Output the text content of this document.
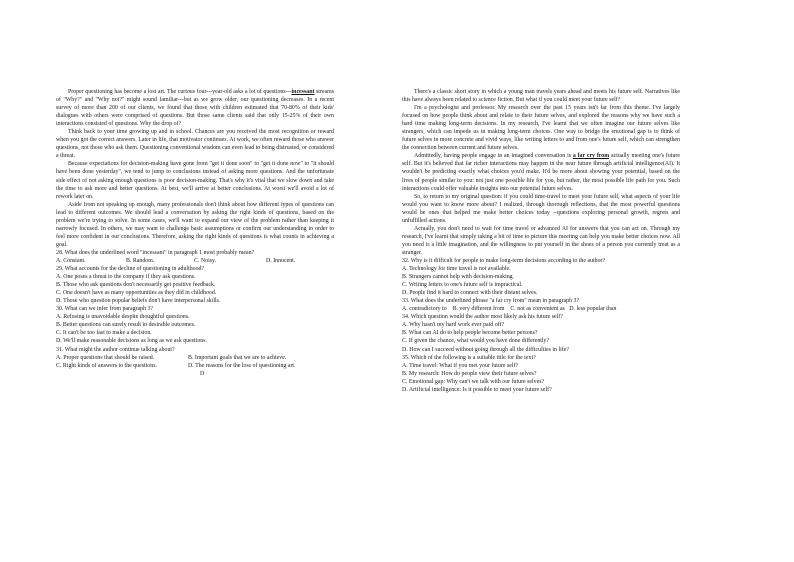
Proper questioning has become a lost art. The curious four---year-old asks a lot of questions---incessant streams of "Why?" and "Why not?" might sound familiar---but as we grow older, our questioning decreases. In a recent survey of more than 200 of our clients, we found that those with children estimated that 70-80% of their kids' dialogues with others were comprised of questions. But those same clients said that only 15-25% of their own interactions consisted of questions. Why the drop of?

Think back to your time growing up and in school. Chances are you received the most recognition or reward when you got the correct answers. Later in life, that motivator continues. At work, we often reward those who answer questions, not those who ask them. Questioning conventional wisdom can even lead to being distrusted, or considered a threat.

Because expectations for decision-making have gone from "get it done soon" to "get it done now" to "it should have been done yesterday", we tend to jump to conclusions instead of asking more questions. And the unfortunate side effect of not asking enough questions is poor decision-making. That's why it's vital that we slow down and take the time to ask more and better questions. At best, we'll arrive at better conclusions. At worst we'll avoid a lot of rework later on.

Aside from not speaking up enough, many professionals don't think about how different types of questions can lead to different outcomes. We should lead a conversation by asking the right kinds of questions, based on the problem we're trying to solve. In some cases, we'll want to expand our view of the problem rather than keeping it narrowly focused. In others, we may want to challenge basic assumptions or confirm our understanding in order to feel more confident in our conclusions. Therefore, asking the right kinds of questions is what counts in achieving a goal.

28. What does the underlined word "incessant" in paragraph 1 most probably mean?
A. Constant.	B. Random.	C. Noisy.	D. Innocent.
29. What accounts for the decline of questioning in adulthood?
A. One poses a threat to the company if they ask questions.
B. Those who ask questions don't necessarily get positive feedback.
C. One doesn't have as many opportunities as they did in childhood.
D. Those who question popular beliefs don't have interpersonal skills.
30. What can we infer from paragraph 3?
A. Refusing is unavoidable despite thoughtful questions.
B. Better questions can surely result in desirable outcomes.
C. It can't be too fast to make a decision.
D. We'll make reasonable decisions as long as we ask questions.
31. What might the author continue talking about?
A. Proper questions that should be raised.	B. Important goals that we are to achieve.
C. Right kinds of answers to the questions.	D. The reasons for the loss of questioning art.
D

There's a classic short story in which a young man travels years ahead and meets his future self. Narratives like this have always been related to science fiction. But what if you could meet your future self?

I'm a psychologist and professor. My research over the past 15 years isn't far from this theme. I've largely focused on how people think about and relate to their future selves, and explored the reasons why we have such a hard time making long-term decisions. In my research, I've learnt that we often imagine our future selves like strangers, which can impede us in making long-term choices. One way to bridge the emotional gap is to think of future selves in more concrete and vivid ways, like writing letters to and from one's future self, which can strengthen the connection between current and future selves.

Admittedly, having people engage in an imagined conversation is a far cry from actually meeting one's future self. But it's believed that far richer interactions may happen in the near future through artificial intelligence(AI). It wouldn't be predicting exactly what choices you'd make. It'd be more about showing your potential, based on the lives of people similar to you: not just one possible life for you, but rather, the most possible life path for you. Such interactions could offer valuable insights into our potential future selves.

So, to return to my original question: if you could time-travel to meet your future self, what aspects of your life would you want to know more about? I realized, through thorough reflections, that the most powerful questions would be ones that helped me make better choices today --questions exploring personal growth, regrets and unfulfilled actions.

Actually, you don't need to wait for time travel or advanced AI for answers that you can act on. Through my research, I've learnt that simply taking a bit of time to picture this meeting can help you make better choices now. All you need is a little imagination, and the willingness to put yourself in the shoes of a person you currently treat as a stranger.

32. Why is it difficult for people to make long-term decisions according to the author?
A. Technology for time travel is not available.
B. Strangers cannot help with decision-making.
C. Writing letters to one's future self is impractical.
D. People find it hard to connect with their distant selves.
33. What does the underlined phrase "a far cry from" mean in paragraph 3?
A. contradictory to B. very different from C. not as convenient as D. less popular than
34. Which question would the author most likely ask his future self?
A. Why hasn't my hard work ever paid off?
B. What can AI do to help people become better persons?
C. If given the chance, what would you have done differently?
D. How can I succeed without going through all the difficulties in life?
35. Which of the following is a suitable title for the text?
A. Time travel: What if you met your future self?
B. My research: How do people view their future selves?
C. Emotional gap: Why can't we talk with our future selves?
D. Artificial intelligence: Is it possible to meet your future self?
